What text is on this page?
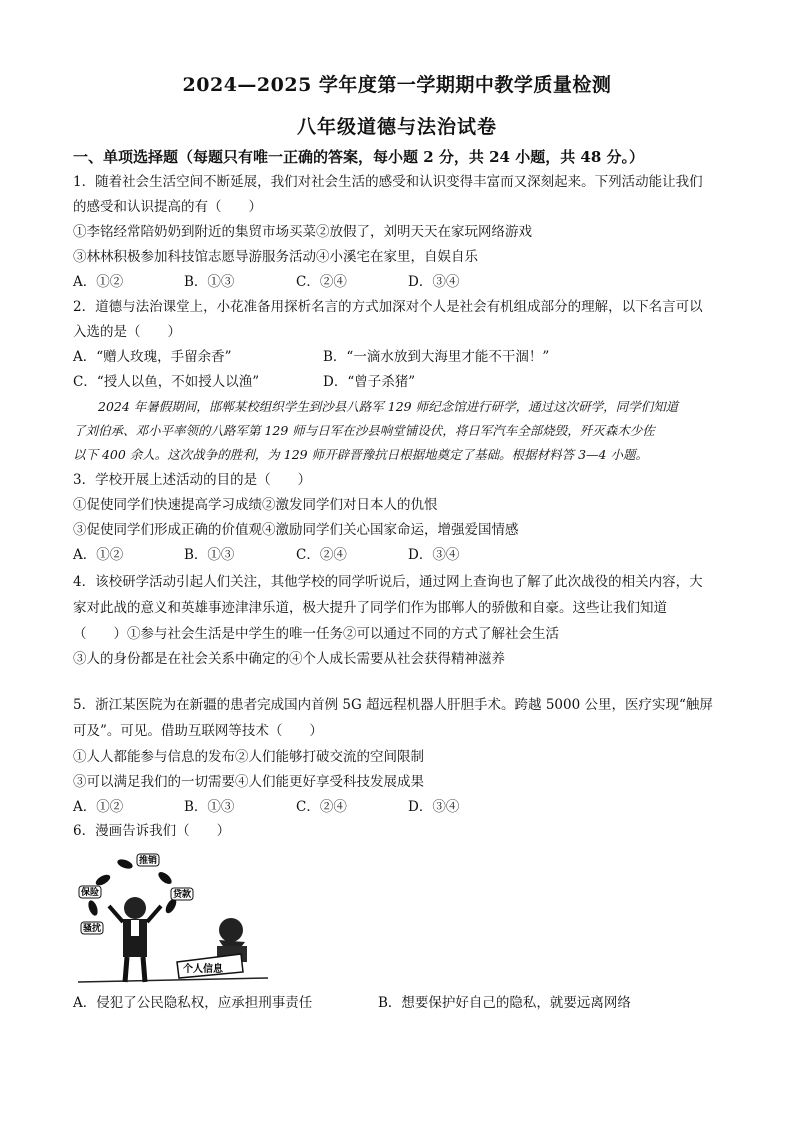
2024—2025 学年度第一学期期中教学质量检测
八年级道德与法治试卷
一、单项选择题（每题只有唯一正确的答案，每小题 2 分，共 24 小题，共 48 分。）
1．随着社会生活空间不断延展，我们对社会生活的感受和认识变得丰富而又深刻起来。下列活动能让我们
的感受和认识提高的有（　　）
①李铭经常陪奶奶到附近的集贸市场买菜②放假了，刘明天天在家玩网络游戏
③林林积极参加科技馆志愿导游服务活动④小溪宅在家里，自娱自乐
A．①②	B．①③	C．②④	D．③④
2．道德与法治课堂上，小花准备用探析名言的方式加深对个人是社会有机组成部分的理解，以下名言可以
入选的是（　　）
A．“赠人玫瑰，手留余香”	B．“一滴水放到大海里才能不干涸！”
C．“授人以鱼，不如授人以渔”	D．“曾子杀猪”
　　2024 年暑假期间，邯郸某校组织学生到沙县八路军 129 师纪念馆进行研学，通过这次研学，同学们知道
了刘伯承、邓小平率领的八路军第 129 师与日军在沙县响堂铺设伏，将日军汽车全部烧毁，歼灭森木少佐
以下 400 余人。这次战争的胜利，为 129 师开辟晋豫抗日根据地奠定了基础。根据材料答 3—4 小题。
3．学校开展上述活动的目的是（　　）
①促使同学们快速提高学习成绩②激发同学们对日本人的仇恨
③促使同学们形成正确的价值观④激励同学们关心国家命运，增强爱国情感
A．①②	B．①③	C．②④	D．③④
4．该校研学活动引起人们关注，其他学校的同学听说后，通过网上查询也了解了此次战役的相关内容，大
家对此战的意义和英雄事迹津津乐道，极大提升了同学们作为邯郸人的骄傲和自豪。这些让我们知道
（　　）①参与社会生活是中学生的唯一任务②可以通过不同的方式了解社会生活
③人的身份都是在社会关系中确定的④个人成长需要从社会获得精神滋养
5．浙江某医院为在新疆的患者完成国内首例 5G 超远程机器人肝胆手术。跨越 5000 公里，医疗实现“触屏
可及”。可见。借助互联网等技术（　　）
①人人都能参与信息的发布②人们能够打破交流的空间限制
③可以满足我们的一切需要④人们能更好享受科技发展成果
A．①②	B．①③	C．②④	D．③④
6．漫画告诉我们（　　）
推销
保险	贷款
骚扰
个人信息
A．侵犯了公民隐私权，应承担刑事责任	B．想要保护好自己的隐私，就要远离网络
